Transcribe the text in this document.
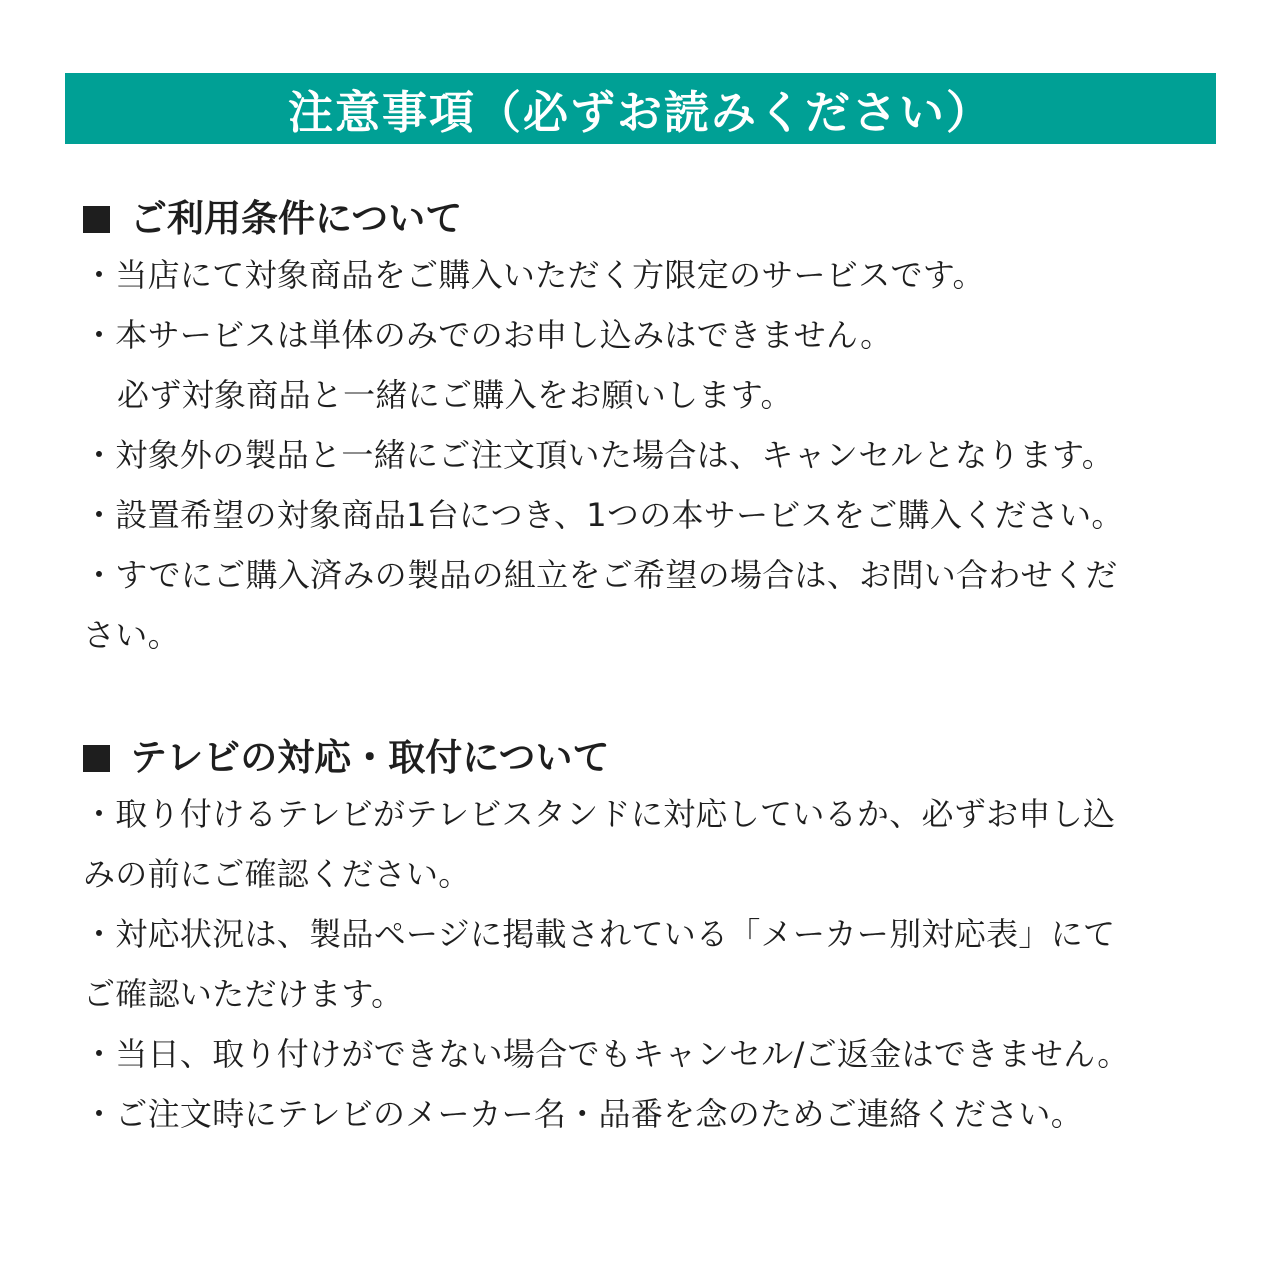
注意事項（必ずお読みください）
ご利用条件について
・当店にて対象商品をご購入いただく方限定のサービスです。
・本サービスは単体のみでのお申し込みはできません。
必ず対象商品と一緒にご購入をお願いします。
・対象外の製品と一緒にご注文頂いた場合は、キャンセルとなります。
・設置希望の対象商品1台につき、1つの本サービスをご購入ください。
・すでにご購入済みの製品の組立をご希望の場合は、お問い合わせくだ
さい。
テレビの対応・取付について
・取り付けるテレビがテレビスタンドに対応しているか、必ずお申し込
みの前にご確認ください。
・対応状況は、製品ページに掲載されている「メーカー別対応表」にて
ご確認いただけます。
・当日、取り付けができない場合でもキャンセル/ご返金はできません。
・ご注文時にテレビのメーカー名・品番を念のためご連絡ください。
